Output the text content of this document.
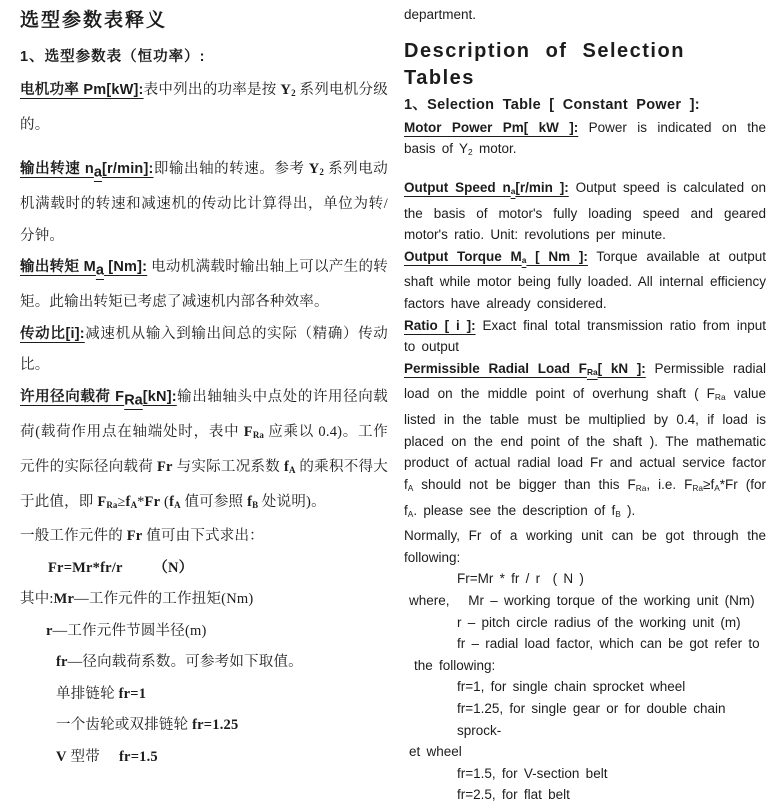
选型参数表释义
1、选型参数表（恒功率）:
电机功率 Pm[kW]:表中列出的功率是按 $Y_2$ 系列电机分级的。
输出转速 na[r/min]:即输出轴的转速。参考 $Y_2$ 系列电动机满载时的转速和减速机的传动比计算得出，单位为转/分钟。
输出转矩 Ma [Nm]: 电动机满载时输出轴上可以产生的转矩。此输出转矩已考虑了减速机内部各种效率。
传动比[i]:减速机从输入到输出间总的实际（精确）传动比。
许用径向载荷 FRa[kN]:输出轴轴头中点处的许用径向载荷(载荷作用点在轴端处时，表中 $F_{Ra}$ 应乘以 0.4)。工作元件的实际径向载荷 Fr 与实际工况系数 $f_A$ 的乘积不得大于此值，即 $F_{Ra}\ge f_A*Fr$ ($f_A$ 值可参照 $f_B$ 处说明)。
一般工作元件的 Fr 值可由下式求出：
Fr=Mr*fr/r （N）
其中:Mr—工作元件的工作扭矩(Nm)
r—工作元件节圆半径(m)
fr—径向载荷系数。可参考如下取值。
单排链轮 fr=1
一个齿轮或双排链轮 fr=1.25
V 型带     fr=1.5
department.
Description of Selection Tables
1、Selection Table [ Constant Power ]:
Motor Power Pm[ kW ]: Power is indicated on the basis of $Y_2$ motor.
Output Speed $n_a[r/\min$ ]: Output speed is calculated on the basis of motor's fully loading speed and geared motor's ratio. Unit: revolutions per minute.
Output Torque $M_a$ [ Nm ]: Torque available at output shaft while motor being fully loaded. All internal efficiency factors have already considered.
Ratio [ i ]: Exact final total transmission ratio from input to output
Permissible Radial Load $F_{Ra}$[ kN ]: Permissible radial load on the middle point of overhung shaft ( $F_{Ra}$ value listed in the table must be multiplied by 0.4, if load is placed on the end point of the shaft ). The mathematic product of actual radial load Fr and actual service factor $f_A$ should not be bigger than this $F_{Ra}$, i.e. $F_{Ra}\ge f_A*Fr$ (for $f_A$. please see the description of $f_B$ ).
Normally, Fr of a working unit can be got through the following:
Fr=Mr * fr / r  ( N )
where,   Mr – working torque of the working unit (Nm)
r – pitch circle radius of the working unit (m)
fr – radial load factor, which can be got refer to
the following:
fr=1, for single chain sprocket wheel
fr=1.25, for single gear or for double chain sprock-
et wheel
fr=1.5, for V-section belt
fr=2.5, for flat belt
